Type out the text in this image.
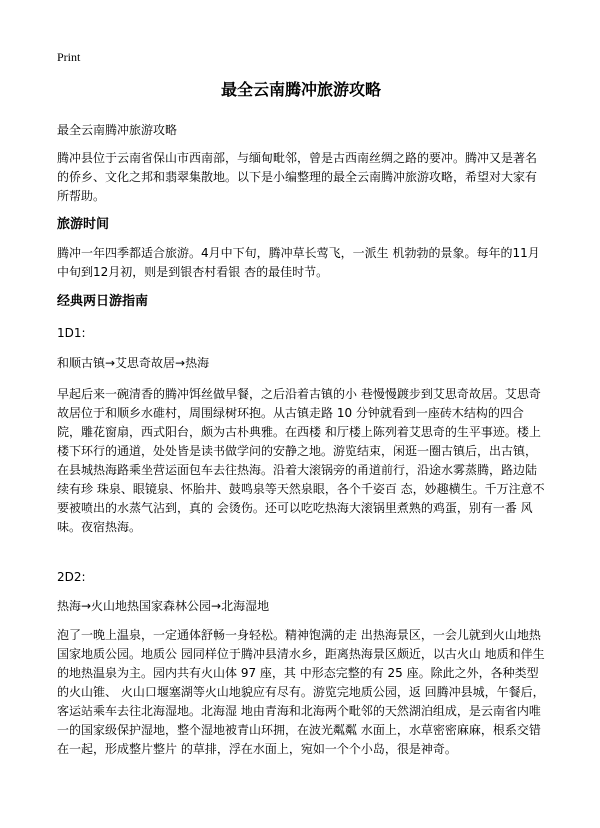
Print
最全云南腾冲旅游攻略

最全云南腾冲旅游攻略

腾冲县位于云南省保山市西南部，与缅甸毗邻，曾是古西南丝绸之路的要冲。腾冲又是著名的侨乡、文化之邦和翡翠集散地。以下是小编整理的最全云南腾冲旅游攻略，希望对大家有所帮助。

旅游时间

腾冲一年四季都适合旅游。4月中下旬，腾冲草长莺飞，一派生 机勃勃的景象。每年的11月中旬到12月初，则是到银杏村看银 杏的最佳时节。

经典两日游指南

1D1:

和顺古镇→艾思奇故居→热海

早起后来一碗清香的腾冲饵丝做早餐，之后沿着古镇的小 巷慢慢踱步到艾思奇故居。艾思奇故居位于和顺乡水碓村，周围绿树环抱。从古镇走路 10 分钟就看到一座砖木结构的四合院，雕花窗扇，西式阳台，颇为古朴典雅。在西楼 和厅楼上陈列着艾思奇的生平事迹。楼上楼下环行的通道，处处皆是读书做学问的安静之地。游览结束，闲逛一圈古镇后，出古镇，在县城热海路乘坐营运面包车去往热海。沿着大滚锅旁的甬道前行，沿途水雾蒸腾，路边陆续有珍 珠泉、眼镜泉、怀胎井、鼓鸣泉等天然泉眼，各个千姿百 态，妙趣横生。千万注意不要被喷出的水蒸气沾到，真的 会烫伤。还可以吃吃热海大滚锅里煮熟的鸡蛋，别有一番 风味。夜宿热海。

2D2:

热海→火山地热国家森林公园→北海湿地

泡了一晚上温泉，一定通体舒畅一身轻松。精神饱满的走 出热海景区，一会儿就到火山地热国家地质公园。地质公 园同样位于腾冲县清水乡，距离热海景区颇近，以古火山 地质和伴生的地热温泉为主。园内共有火山体 97 座，其 中形态完整的有 25 座。除此之外，各种类型的火山锥、 火山口堰塞湖等火山地貌应有尽有。游览完地质公园，返 回腾冲县城，午餐后，客运站乘车去往北海湿地。北海湿 地由青海和北海两个毗邻的天然湖泊组成，是云南省内唯 一的国家级保护湿地，整个湿地被青山环拥，在波光粼粼 水面上，水草密密麻麻，根系交错在一起，形成整片整片 的草排，浮在水面上，宛如一个个小岛，很是神奇。
